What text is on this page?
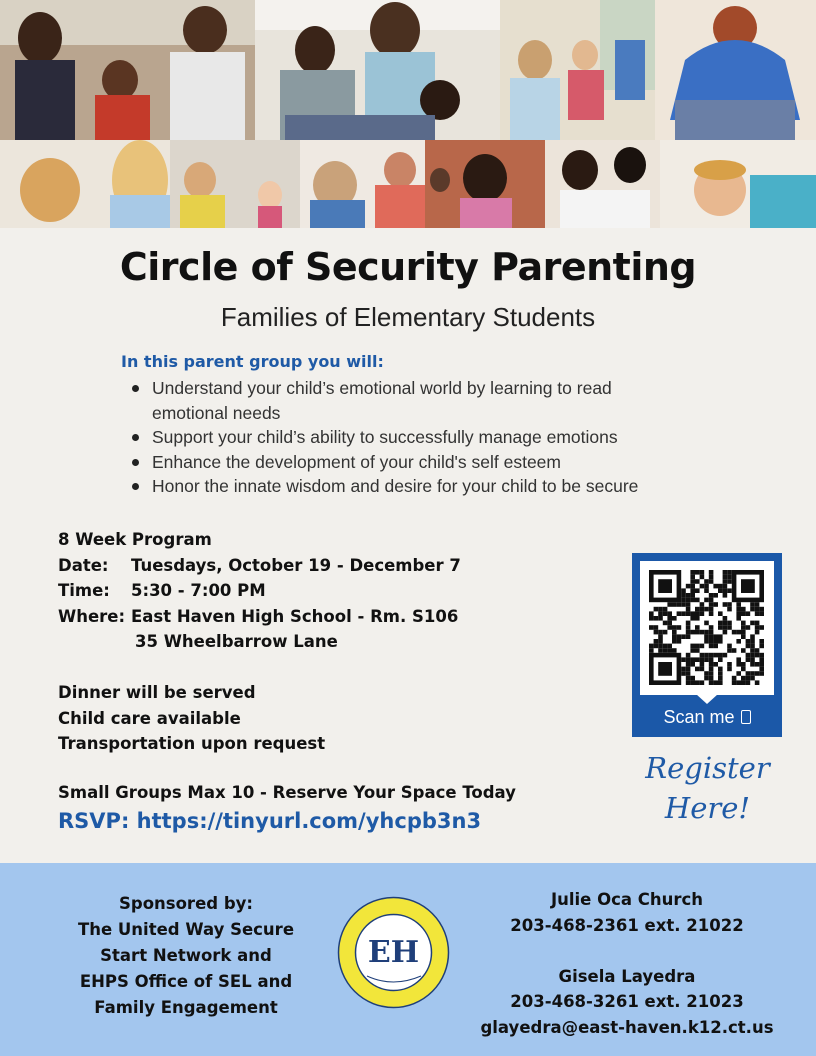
Circle of Security Parenting
Families of Elementary Students
In this parent group you will:
Understand your child’s emotional world by learning to read emotional needs
Support your child’s ability to successfully manage emotions
Enhance the development of your child's self esteem
Honor the innate wisdom and desire for your child to be secure
8 Week Program
Date: Tuesdays, October 19 - December 7
Time: 5:30 - 7:00 PM
Where: East Haven High School - Rm. S106
35 Wheelbarrow Lane
Dinner will be served
Child care available
Transportation upon request
Small Groups Max 10 - Reserve Your Space Today
RSVP: https://tinyurl.com/yhcpb3n3
Scan me
Register
Here!
Sponsored by:
The United Way Secure
Start Network and
EHPS Office of SEL and
Family Engagement
EH
Julie Oca Church
203-468-2361 ext. 21022
Gisela Layedra
203-468-3261 ext. 21023
glayedra@east-haven.k12.ct.us
